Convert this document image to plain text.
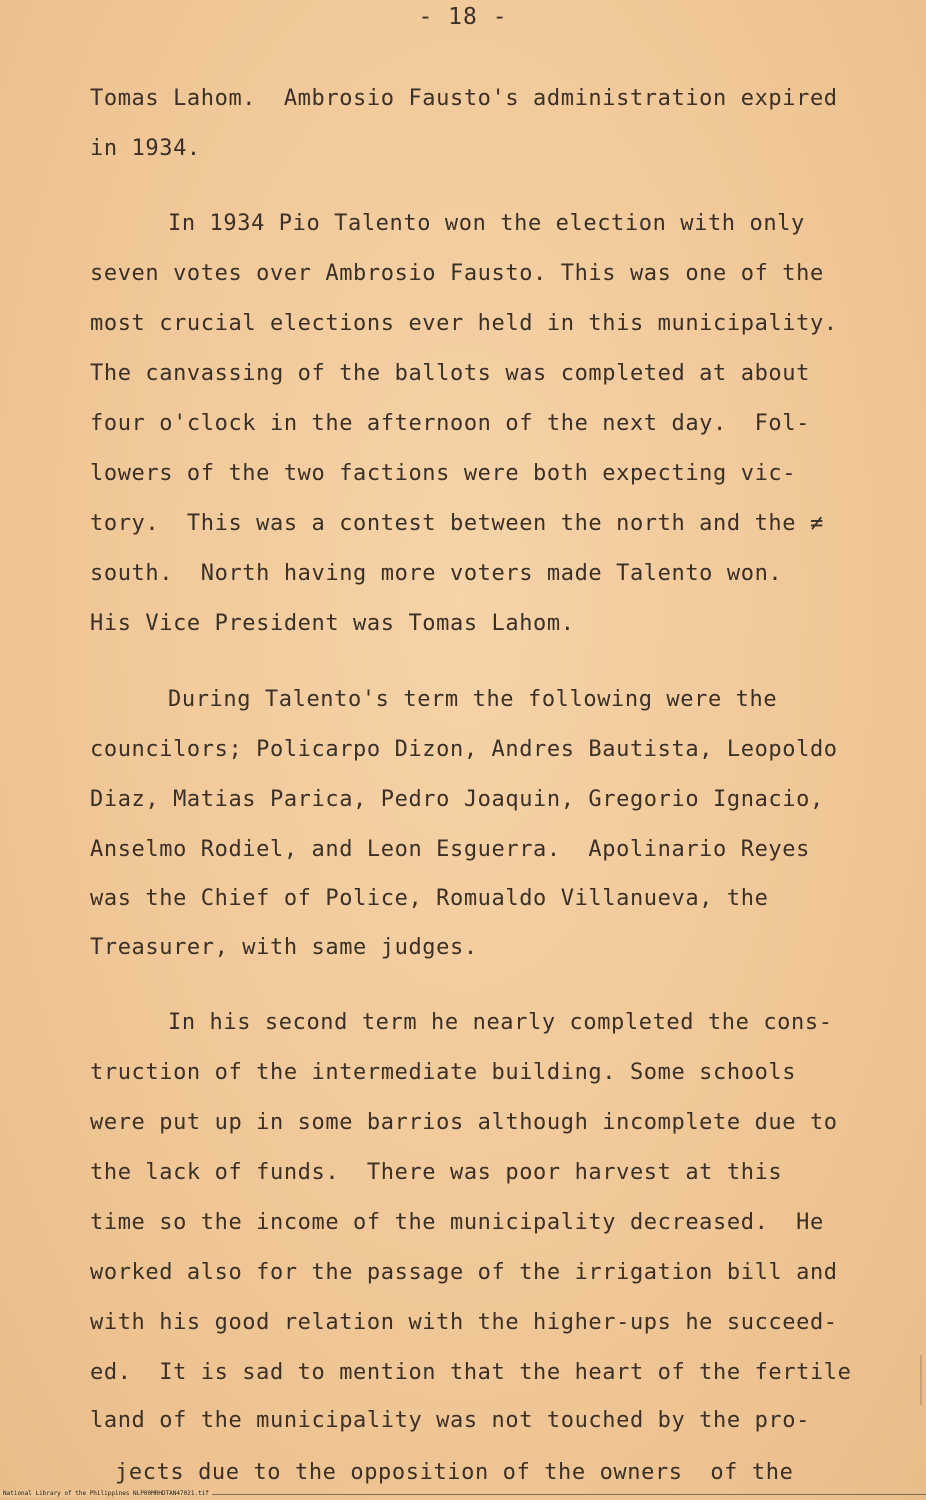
- 18 -
Tomas Lahom.  Ambrosio Fausto's administration expired
in 1934.
In 1934 Pio Talento won the election with only
seven votes over Ambrosio Fausto. This was one of the
most crucial elections ever held in this municipality.
The canvassing of the ballots was completed at about
four o'clock in the afternoon of the next day.  Fol-
lowers of the two factions were both expecting vic-
tory.  This was a contest between the north and the ≠
south.  North having more voters made Talento won.
His Vice President was Tomas Lahom.
During Talento's term the following were the
councilors; Policarpo Dizon, Andres Bautista, Leopoldo
Diaz, Matias Parica, Pedro Joaquin, Gregorio Ignacio,
Anselmo Rodiel, and Leon Esguerra.  Apolinario Reyes
was the Chief of Police, Romualdo Villanueva, the
Treasurer, with same judges.
In his second term he nearly completed the cons-
truction of the intermediate building. Some schools
were put up in some barrios although incomplete due to
the lack of funds.  There was poor harvest at this
time so the income of the municipality decreased.  He
worked also for the passage of the irrigation bill and
with his good relation with the higher-ups he succeed-
ed.  It is sad to mention that the heart of the fertile
land of the municipality was not touched by the pro-
jects due to the opposition of the owners  of the
National Library of the Philippines NLP00MRHDTAN47021.tif
